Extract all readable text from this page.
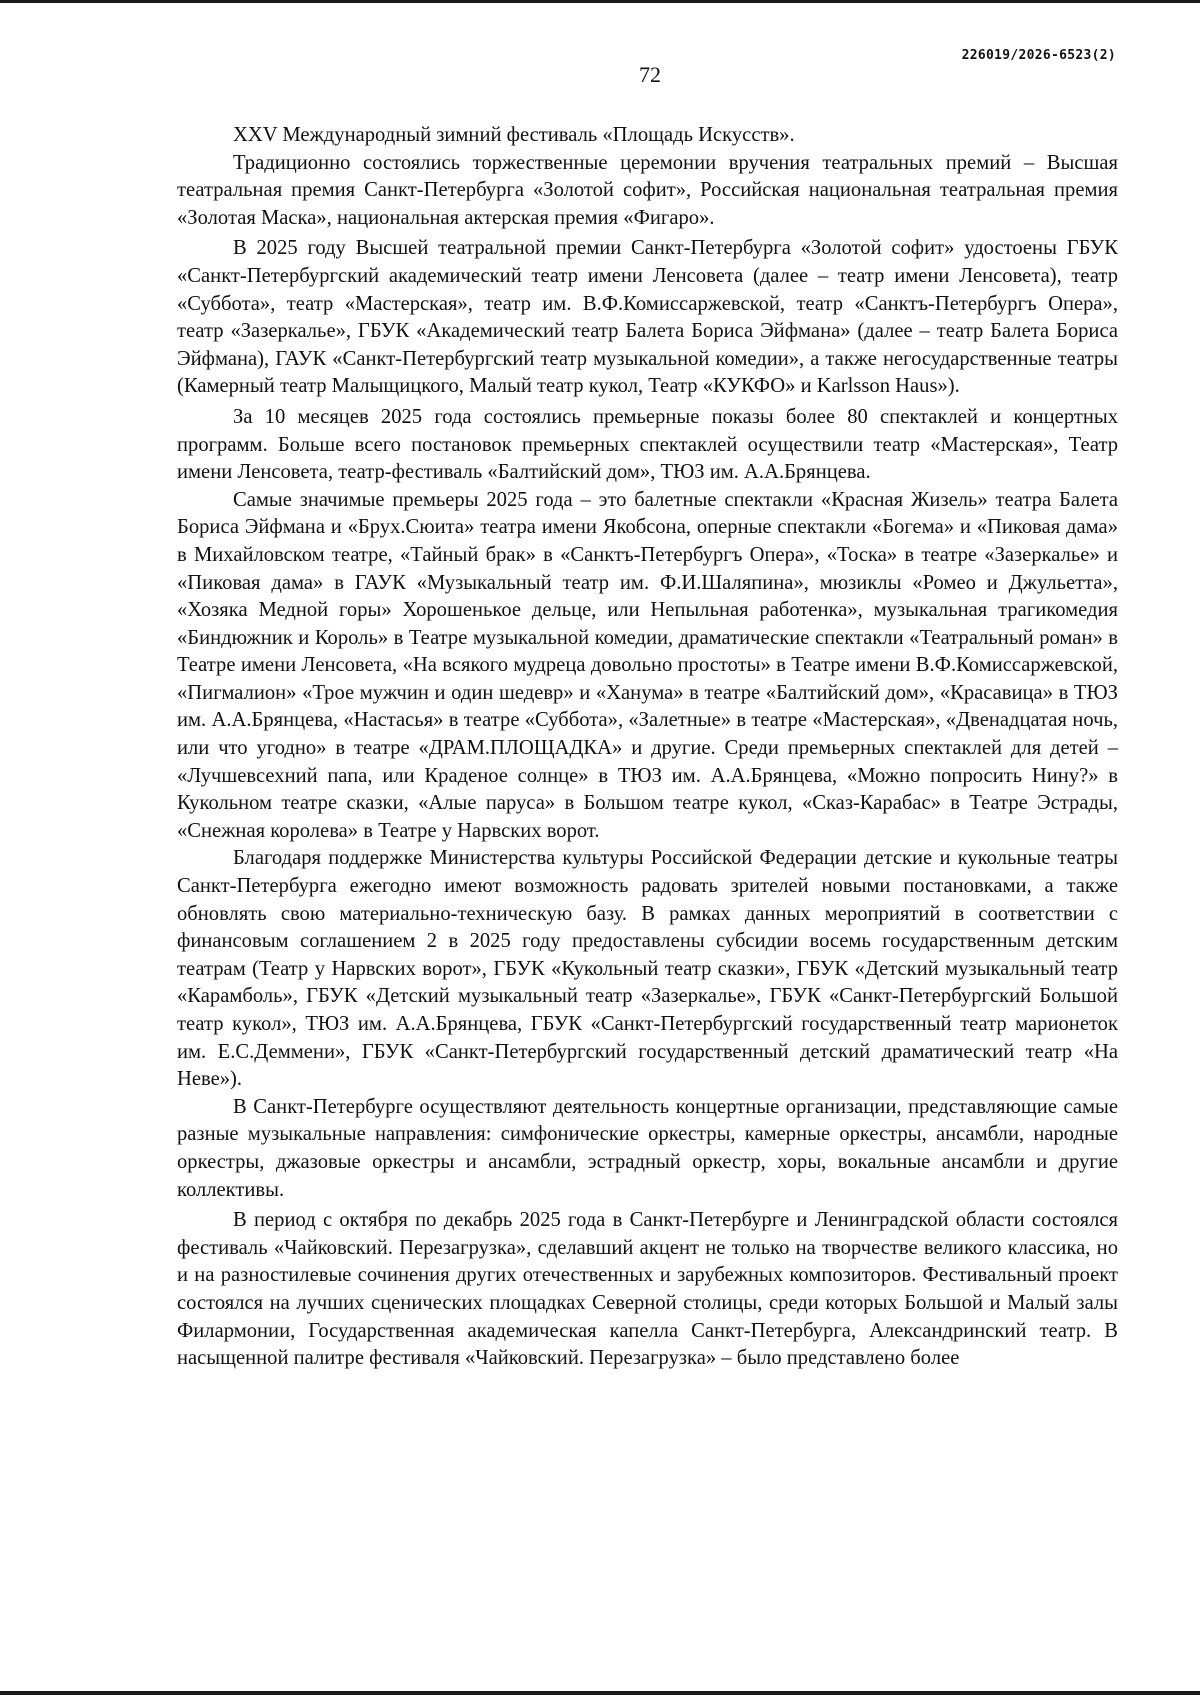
226019/2026-6523(2)
72

XXV Международный зимний фестиваль «Площадь Искусств».

Традиционно состоялись торжественные церемонии вручения театральных премий – Высшая театральная премия Санкт-Петербурга «Золотой софит», Российская национальная театральная премия «Золотая Маска», национальная актерская премия «Фигаро».

В 2025 году Высшей театральной премии Санкт-Петербурга «Золотой софит» удостоены ГБУК «Санкт-Петербургский академический театр имени Ленсовета (далее – театр имени Ленсовета), театр «Суббота», театр «Мастерская», театр им. В.Ф.Комиссаржевской, театр «Санктъ-Петербургъ Опера», театр «Зазеркалье», ГБУК «Академический театр Балета Бориса Эйфмана» (далее – театр Балета Бориса Эйфмана), ГАУК «Санкт-Петербургский театр музыкальной комедии», а также негосударственные театры (Камерный театр Малыщицкого, Малый театр кукол, Театр «КУКФО» и Karlsson Haus»).

За 10 месяцев 2025 года состоялись премьерные показы более 80 спектаклей и концертных программ. Больше всего постановок премьерных спектаклей осуществили театр «Мастерская», Театр имени Ленсовета, театр-фестиваль «Балтийский дом», ТЮЗ им. А.А.Брянцева.

Самые значимые премьеры 2025 года – это балетные спектакли «Красная Жизель» театра Балета Бориса Эйфмана и «Брух.Сюита» театра имени Якобсона, оперные спектакли «Богема» и «Пиковая дама» в Михайловском театре, «Тайный брак» в «Санктъ-Петербургъ Опера», «Тоска» в театре «Зазеркалье» и «Пиковая дама» в ГАУК «Музыкальный театр им. Ф.И.Шаляпина», мюзиклы «Ромео и Джульетта», «Хозяка Медной горы» Хорошенькое дельце, или Непыльная работенка», музыкальная трагикомедия «Биндюжник и Король» в Театре музыкальной комедии, драматические спектакли «Театральный роман» в Театре имени Ленсовета, «На всякого мудреца довольно простоты» в Театре имени В.Ф.Комиссаржевской, «Пигмалион» «Трое мужчин и один шедевр» и «Ханума» в театре «Балтийский дом», «Красавица» в ТЮЗ им. А.А.Брянцева, «Настасья» в театре «Суббота», «Залетные» в театре «Мастерская», «Двенадцатая ночь, или что угодно» в театре «ДРАМ.ПЛОЩАДКА» и другие. Среди премьерных спектаклей для детей – «Лучшевсехний папа, или Краденое солнце» в ТЮЗ им. А.А.Брянцева, «Можно попросить Нину?» в Кукольном театре сказки, «Алые паруса» в Большом театре кукол, «Сказ-Карабас» в Театре Эстрады, «Снежная королева» в Театре у Нарвских ворот.

Благодаря поддержке Министерства культуры Российской Федерации детские и кукольные театры Санкт-Петербурга ежегодно имеют возможность радовать зрителей новыми постановками, а также обновлять свою материально-техническую базу. В рамках данных мероприятий в соответствии с финансовым соглашением 2 в 2025 году предоставлены субсидии восемь государственным детским театрам (Театр у Нарвских ворот», ГБУК «Кукольный театр сказки», ГБУК «Детский музыкальный театр «Карамболь», ГБУК «Детский музыкальный театр «Зазеркалье», ГБУК «Санкт-Петербургский Большой театр кукол», ТЮЗ им. А.А.Брянцева, ГБУК «Санкт-Петербургский государственный театр марионеток им. Е.С.Деммени», ГБУК «Санкт-Петербургский государственный детский драматический театр «На Неве»).

В Санкт-Петербурге осуществляют деятельность концертные организации, представляющие самые разные музыкальные направления: симфонические оркестры, камерные оркестры, ансамбли, народные оркестры, джазовые оркестры и ансамбли, эстрадный оркестр, хоры, вокальные ансамбли и другие коллективы.

В период с октября по декабрь 2025 года в Санкт-Петербурге и Ленинградской области состоялся фестиваль «Чайковский. Перезагрузка», сделавший акцент не только на творчестве великого классика, но и на разностилевые сочинения других отечественных и зарубежных композиторов. Фестивальный проект состоялся на лучших сценических площадках Северной столицы, среди которых Большой и Малый залы Филармонии, Государственная академическая капелла Санкт-Петербурга, Александринский театр. В насыщенной палитре фестиваля «Чайковский. Перезагрузка» – было представлено более
